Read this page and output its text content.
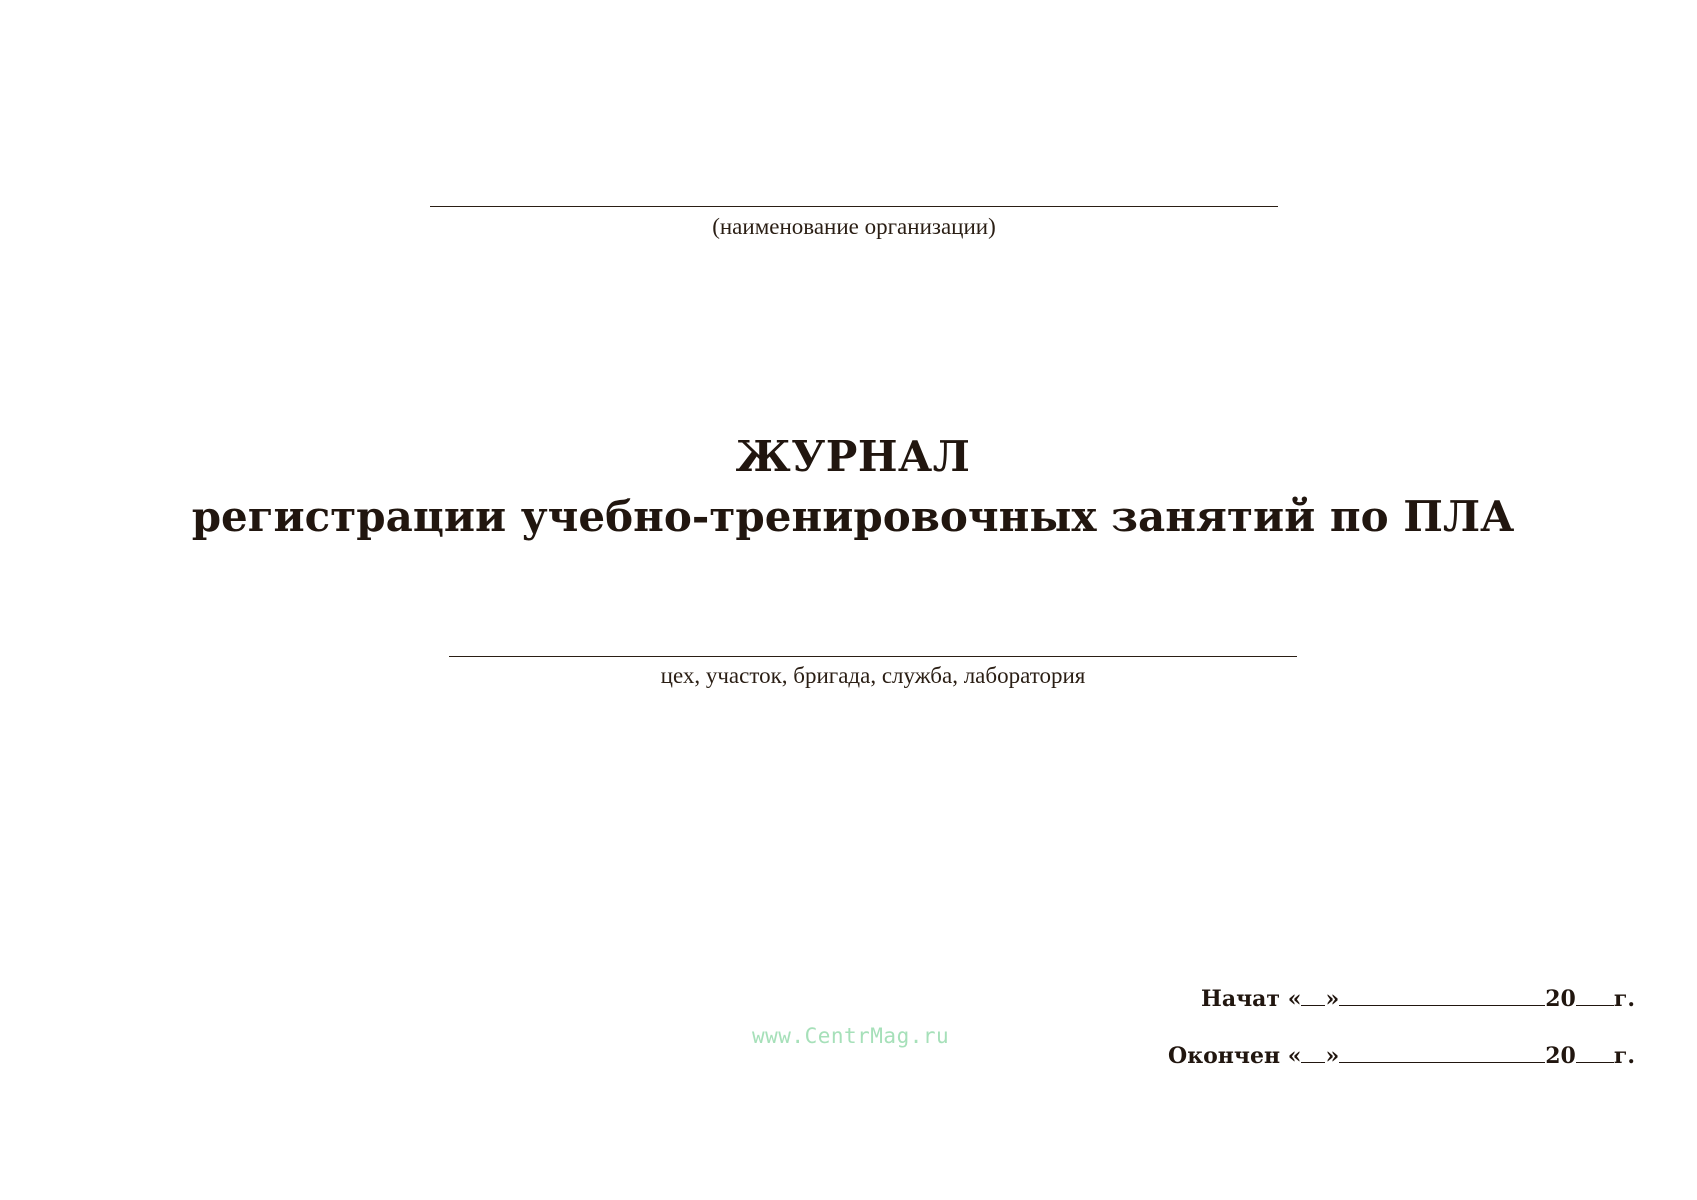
(наименование организации)
ЖУРНАЛ
регистрации учебно-тренировочных занятий по ПЛА
цех, участок, бригада, служба, лаборатория
Начат
« »	20 г.
Окончен
« »	20 г.
www.CentrMag.ru
